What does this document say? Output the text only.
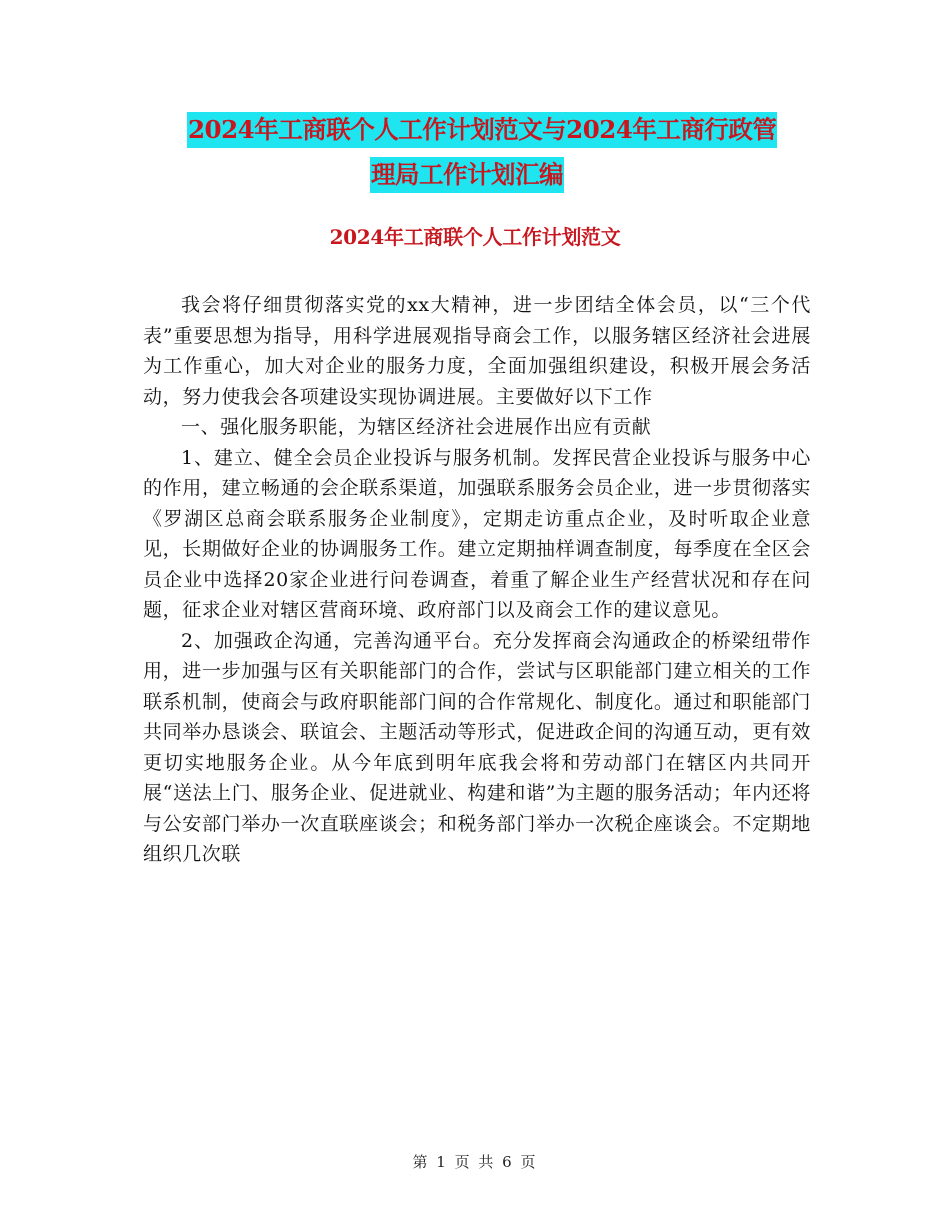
2024年工商联个人工作计划范文与2024年工商行政管
理局工作计划汇编
2024年工商联个人工作计划范文

我会将仔细贯彻落实党的xx大精神，进一步团结全体会员，以“三个代表”重要思想为指导，用科学进展观指导商会工作，以服务辖区经济社会进展为工作重心，加大对企业的服务力度，全面加强组织建设，积极开展会务活动，努力使我会各项建设实现协调进展。主要做好以下工作

一、强化服务职能，为辖区经济社会进展作出应有贡献

1、建立、健全会员企业投诉与服务机制。发挥民营企业投诉与服务中心的作用，建立畅通的会企联系渠道，加强联系服务会员企业，进一步贯彻落实《罗湖区总商会联系服务企业制度》，定期走访重点企业，及时听取企业意见，长期做好企业的协调服务工作。建立定期抽样调查制度，每季度在全区会员企业中选择20家企业进行问卷调查，着重了解企业生产经营状况和存在问题，征求企业对辖区营商环境、政府部门以及商会工作的建议意见。

2、加强政企沟通，完善沟通平台。充分发挥商会沟通政企的桥梁纽带作用，进一步加强与区有关职能部门的合作，尝试与区职能部门建立相关的工作联系机制，使商会与政府职能部门间的合作常规化、制度化。通过和职能部门共同举办恳谈会、联谊会、主题活动等形式，促进政企间的沟通互动，更有效更切实地服务企业。从今年底到明年底我会将和劳动部门在辖区内共同开展“送法上门、服务企业、促进就业、构建和谐”为主题的服务活动；年内还将与公安部门举办一次直联座谈会；和税务部门举办一次税企座谈会。不定期地组织几次联

第 1 页 共 6 页
